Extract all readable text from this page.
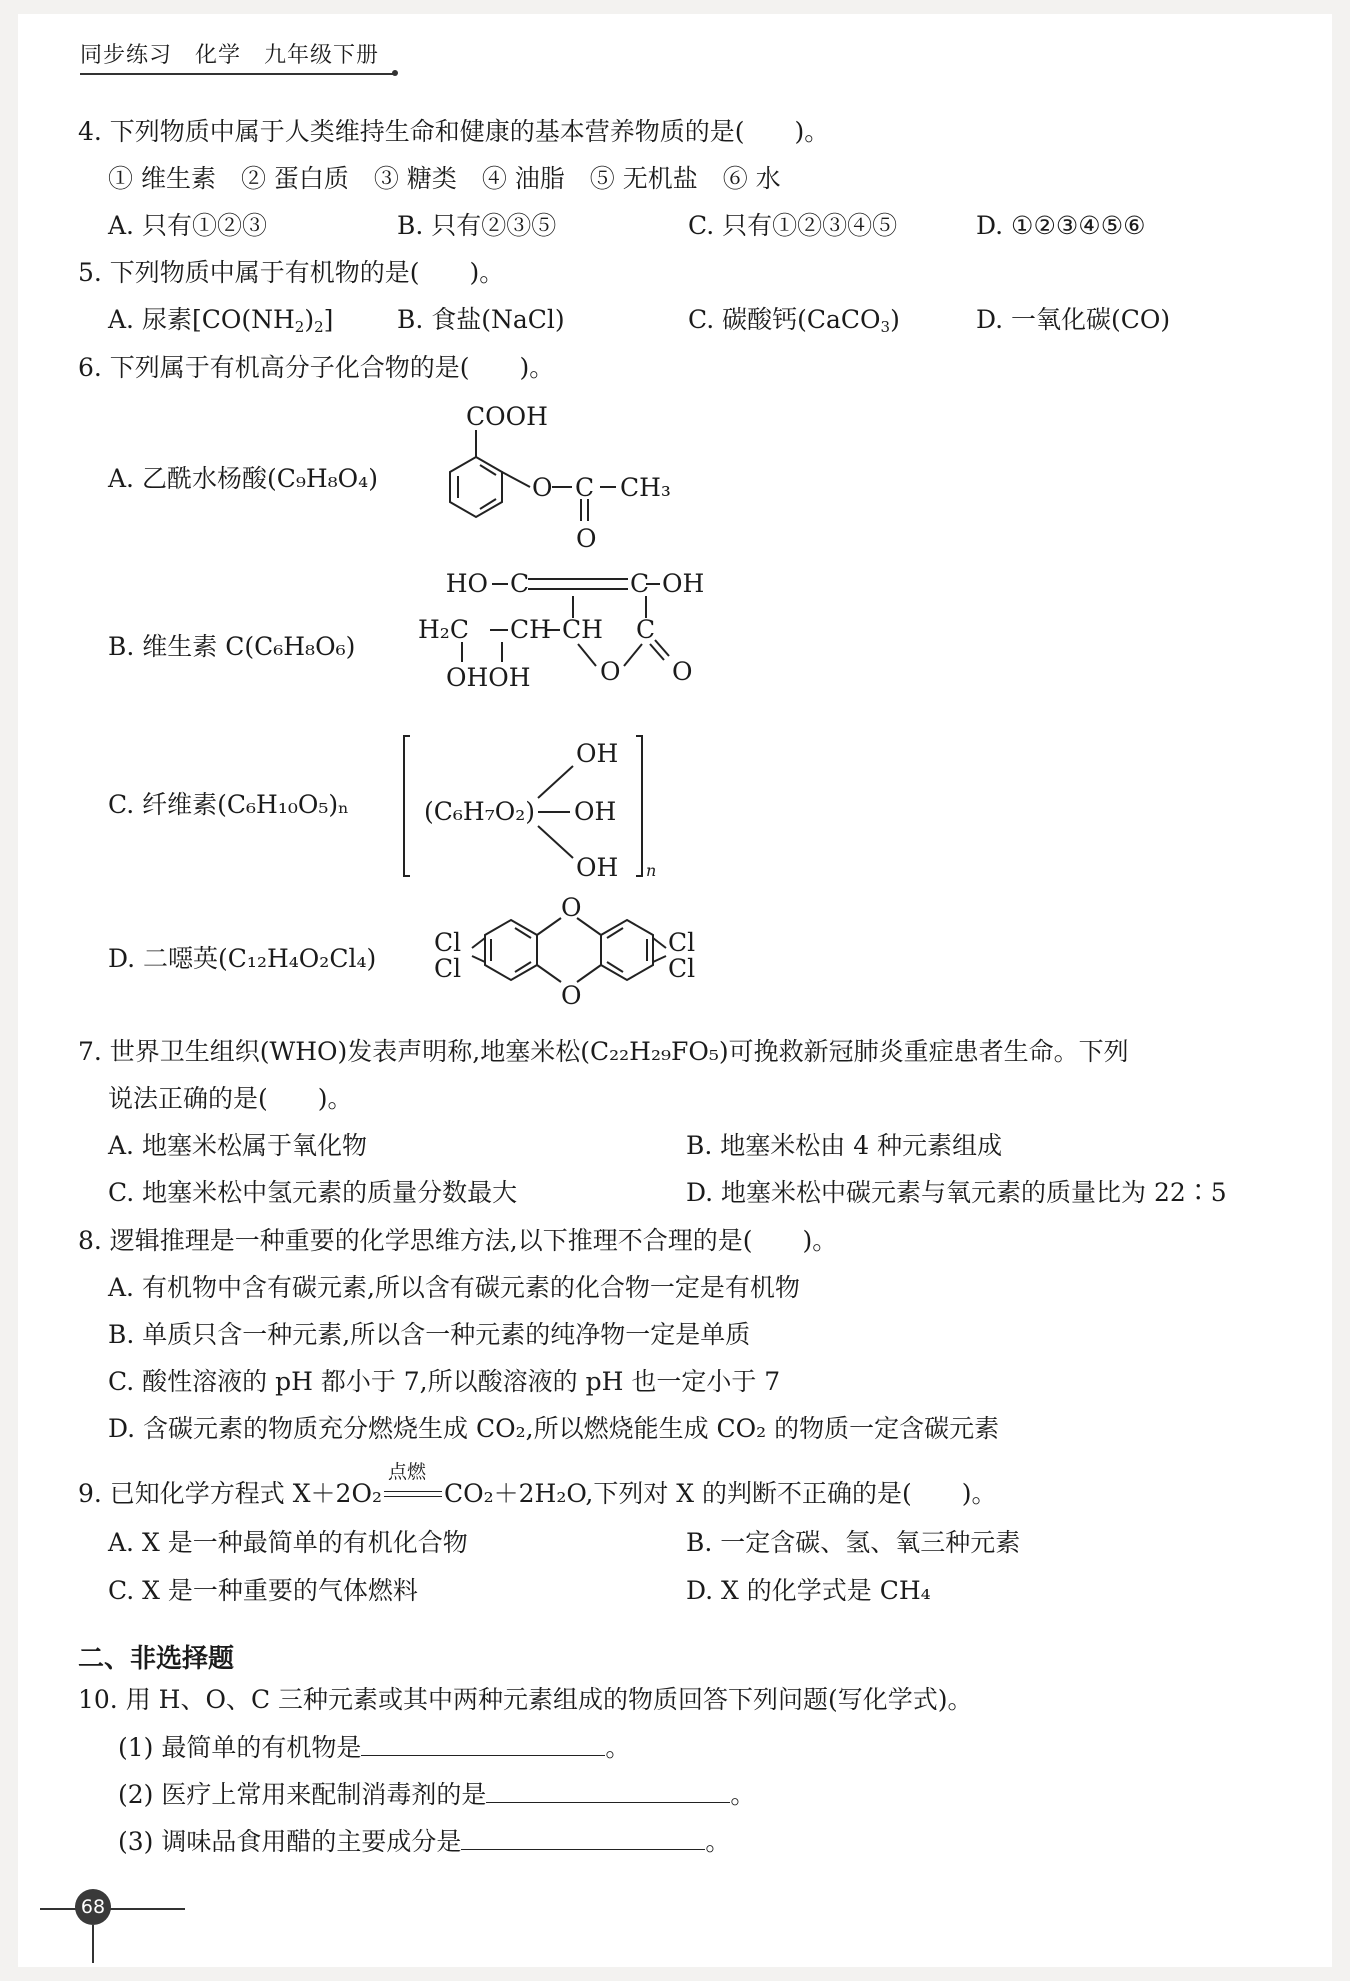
同步练习　化学　九年级下册
4. 下列物质中属于人类维持生命和健康的基本营养物质的是(　　)。
① 维生素　② 蛋白质　③ 糖类　④ 油脂　⑤ 无机盐　⑥ 水
A. 只有①②③	B. 只有②③⑤	C. 只有①②③④⑤	D. ①②③④⑤⑥
5. 下列物质中属于有机物的是(　　)。
A. 尿素$[CO(NH_2)_2]$	B. 食盐(NaCl)	C. 碳酸钙(CaCO$_3$)	D. 一氧化碳(CO)
6. 下列属于有机高分子化合物的是(　　)。
A. 乙酰水杨酸(C₉H₈O₄)
B. 维生素 C(C₆H₈O₆)
C. 纤维素(C₆H₁₀O₅)ₙ
D. 二噁英(C₁₂H₄O₂Cl₄)
COOH
O C CH₃
O
HO C	C OH
H₂C CH CH C
OHOH	O O
OH
(C₆H₇O₂) OH
OH n
O
O
Cl
Cl
Cl
Cl
7. 世界卫生组织(WHO)发表声明称,地塞米松(C₂₂H₂₉FO₅)可挽救新冠肺炎重症患者生命。下列
说法正确的是(　　)。
A. 地塞米松属于氧化物	B. 地塞米松由 4 种元素组成
C. 地塞米松中氢元素的质量分数最大	D. 地塞米松中碳元素与氧元素的质量比为 22∶5
8. 逻辑推理是一种重要的化学思维方法,以下推理不合理的是(　　)。
A. 有机物中含有碳元素,所以含有碳元素的化合物一定是有机物
B. 单质只含一种元素,所以含一种元素的纯净物一定是单质
C. 酸性溶液的 pH 都小于 7,所以酸溶液的 pH 也一定小于 7
D. 含碳元素的物质充分燃烧生成 CO₂,所以燃烧能生成 CO₂ 的物质一定含碳元素
9. 已知化学方程式 X＋2O₂
点燃
CO₂＋2H₂O,下列对 X 的判断不正确的是(　　)。
A. X 是一种最简单的有机化合物	B. 一定含碳、氢、氧三种元素
C. X 是一种重要的气体燃料	D. X 的化学式是 CH₄
二、非选择题
10. 用 H、O、C 三种元素或其中两种元素组成的物质回答下列问题(写化学式)。
(1) 最简单的有机物是	。
(2) 医疗上常用来配制消毒剂的是	。
(3) 调味品食用醋的主要成分是	。
68
